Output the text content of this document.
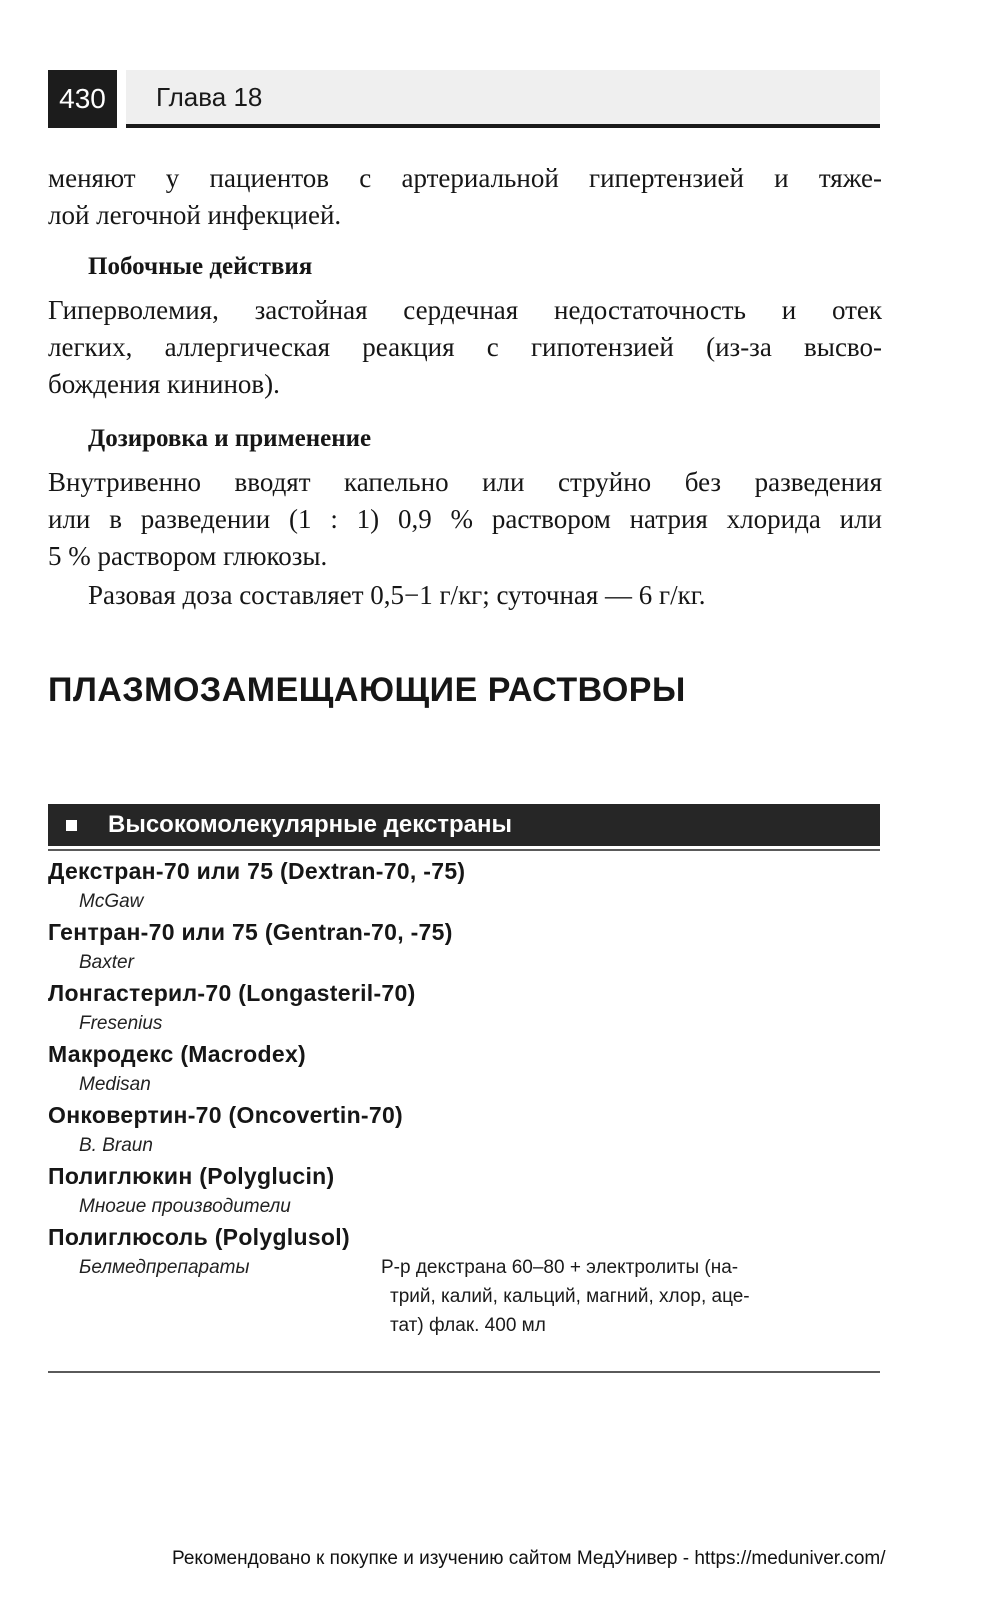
430	Глава 18

меняют у пациентов с артериальной гипертензией и тяже-
лой легочной инфекцией.

Побочные действия

Гиперволемия, застойная сердечная недостаточность и отек
легких, аллергическая реакция с гипотензией (из-за высво-
бождения кининов).

Дозировка и применение

Внутривенно вводят капельно или струйно без разведения
или в разведении (1 : 1) 0,9 % раствором натрия хлорида или
5 % раствором глюкозы.

Разовая доза составляет 0,5−1 г/кг; суточная — 6 г/кг.

ПЛАЗМОЗАМЕЩАЮЩИЕ РАСТВОРЫ
Высокомолекулярные декстраны
Декстран-70 или 75 (Dextran-70, -75)
McGaw
Гентран-70 или 75 (Gentran-70, -75)
Baxter
Лонгастерил-70 (Longasteril-70)
Fresenius
Макродекс (Macrodex)
Medisan
Онковертин-70 (Oncovertin-70)
B. Braun
Полиглюкин (Polyglucin)
Многие производители
Полиглюсоль (Polyglusol)
Белмедпрепараты	Р-р декстрана 60–80 + электролиты (на-
трий, калий, кальций, магний, хлор, аце-
тат) флак. 400 мл
Рекомендовано к покупке и изучению сайтом МедУнивер - https://meduniver.com/
